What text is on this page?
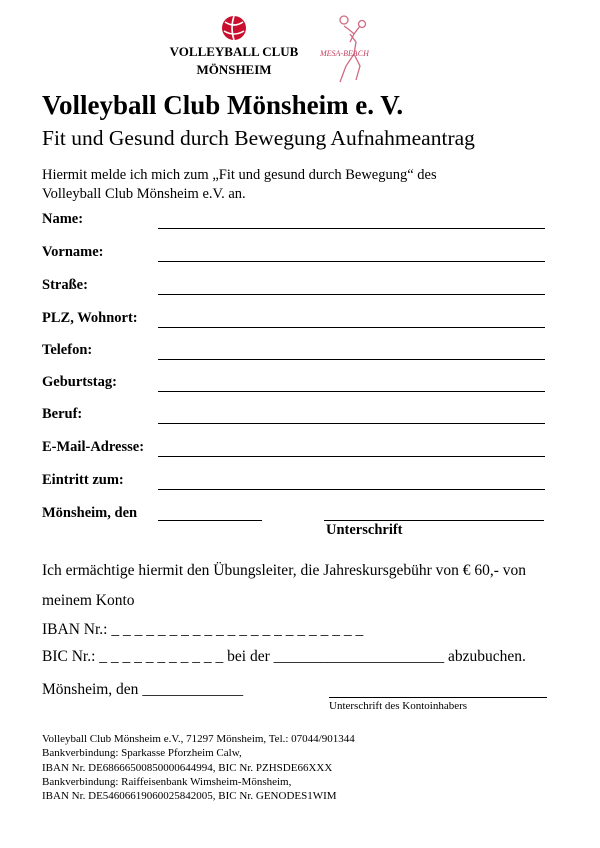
VOLLEYBALL CLUB
MÖNSHEIM
MESA-BEACH
Volleyball Club Mönsheim e. V.
Fit und Gesund durch Bewegung Aufnahmeantrag
Hiermit melde ich mich zum „Fit und gesund durch Bewegung“ des
Volleyball Club Mönsheim e.V. an.
Name:
Vorname:
Straße:
PLZ, Wohnort:
Telefon:
Geburtstag:
Beruf:
E-Mail-Adresse:
Eintritt zum:
Mönsheim, den
Unterschrift
Ich ermächtige hiermit den Übungsleiter, die Jahreskursgebühr von € 60,- von
meinem Konto
IBAN Nr.: _ _ _ _ _ _ _ _ _ _ _ _ _ _ _ _ _ _ _ _ _ _
BIC Nr.: _ _ _ _ _ _ _ _ _ _ _ bei der ______________________ abzubuchen.
Mönsheim, den _____________
Unterschrift des Kontoinhabers
Volleyball Club Mönsheim e.V., 71297 Mönsheim, Tel.: 07044/901344
Bankverbindung: Sparkasse Pforzheim Calw,
IBAN Nr. DE68666500850000644994, BIC Nr. PZHSDE66XXX
Bankverbindung: Raiffeisenbank Wimsheim-Mönsheim,
IBAN Nr. DE54606619060025842005, BIC Nr. GENODES1WIM
